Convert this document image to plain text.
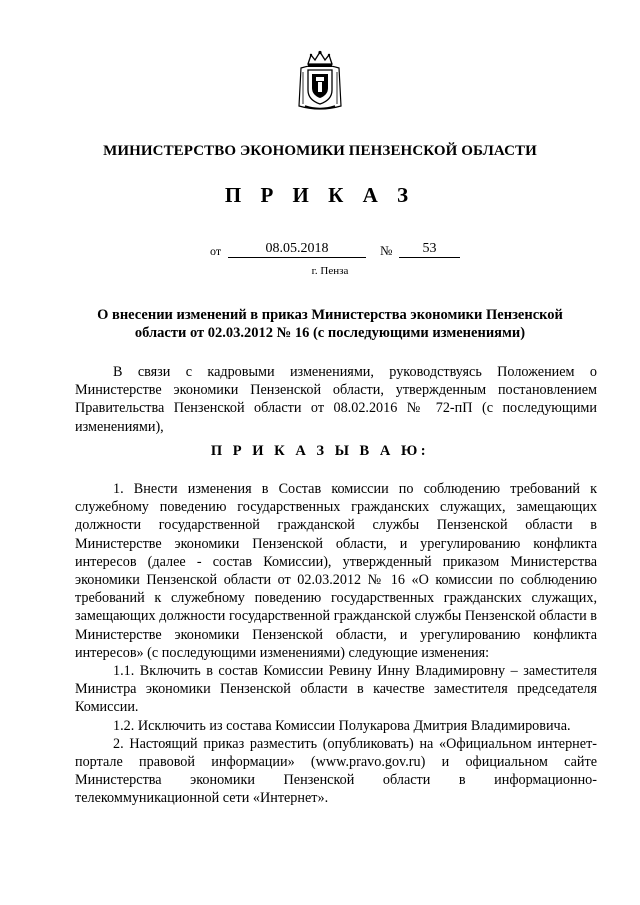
МИНИСТЕРСТВО ЭКОНОМИКИ ПЕНЗЕНСКОЙ ОБЛАСТИ
П Р И К А З
от	08.05.2018	№	53
г. Пенза
О внесении изменений в приказ Министерства экономики Пензенской области от 02.03.2012 № 16 (с последующими изменениями)

В связи с кадровыми изменениями, руководствуясь Положением о Министерстве экономики Пензенской области, утвержденным постановлением Правительства Пензенской области от 08.02.2016 № 72-пП (с последующими изменениями),

П Р И К А З Ы В А Ю:

1. Внести изменения в Состав комиссии по соблюдению требований к служебному поведению государственных гражданских служащих, замещающих должности государственной гражданской службы Пензенской области в Министерстве экономики Пензенской области, и урегулированию конфликта интересов (далее - состав Комиссии), утвержденный приказом Министерства экономики Пензенской области от 02.03.2012 № 16 «О комиссии по соблюдению требований к служебному поведению государственных гражданских служащих, замещающих должности государственной гражданской службы Пензенской области в Министерстве экономики Пензенской области, и урегулированию конфликта интересов» (с последующими изменениями) следующие изменения:

1.1. Включить в состав Комиссии Ревину Инну Владимировну – заместителя Министра экономики Пензенской области в качестве заместителя председателя Комиссии.

1.2. Исключить из состава Комиссии Полукарова Дмитрия Владимировича.

2. Настоящий приказ разместить (опубликовать) на «Официальном интернет-портале правовой информации» (www.pravo.gov.ru) и официальном сайте Министерства экономики Пензенской области в информационно-телекоммуникационной сети «Интернет».
